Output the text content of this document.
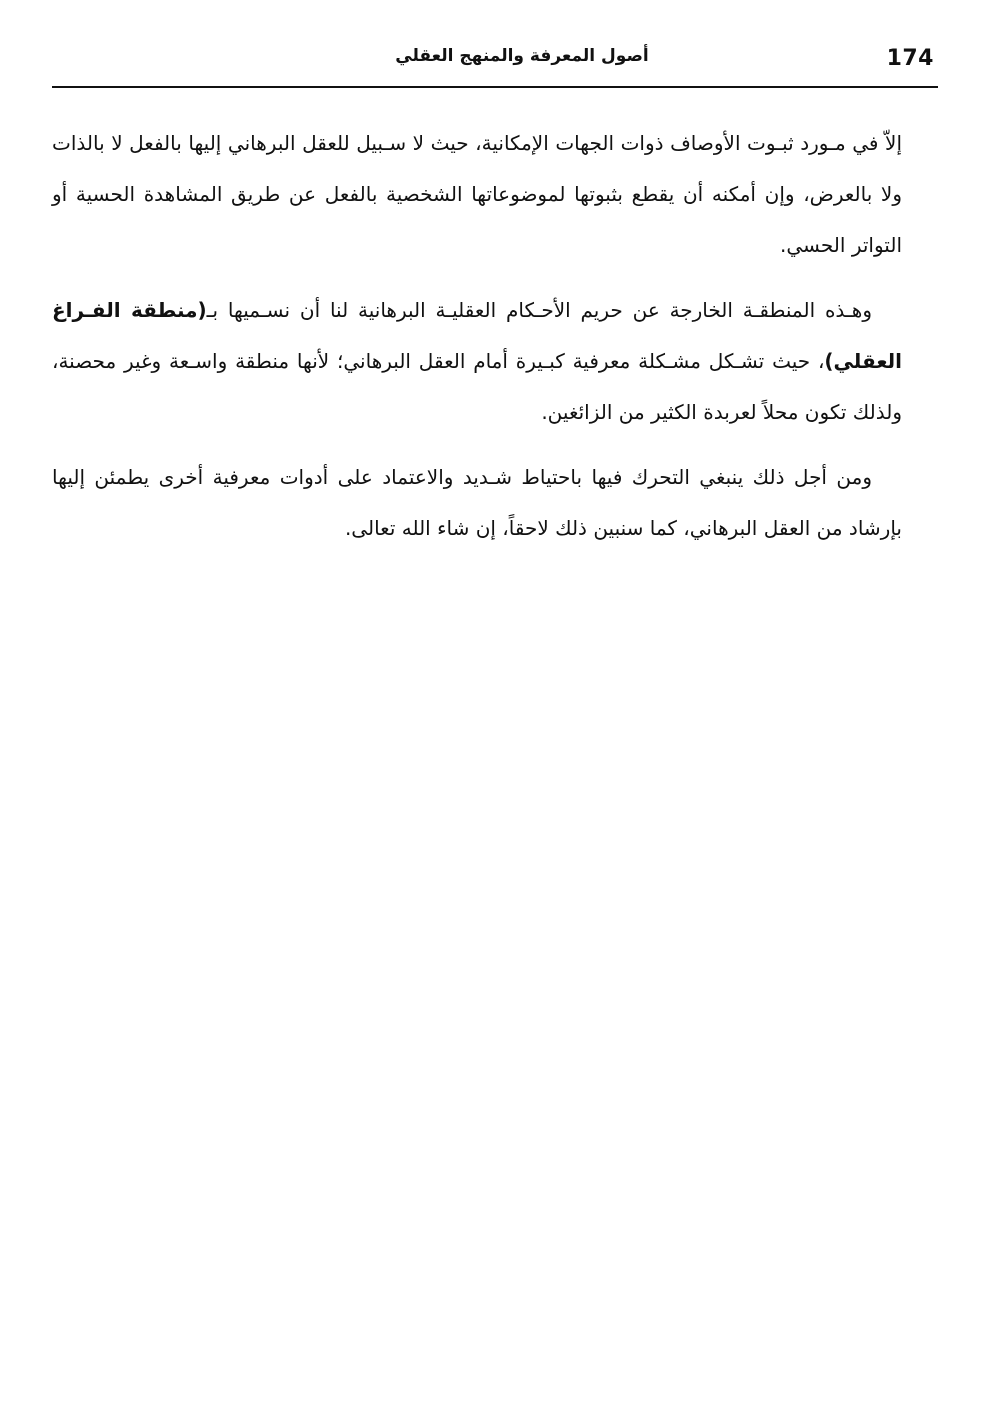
174
أصول المعرفة والمنهج العقلي

إلاّ في مـورد ثبـوت الأوصاف ذوات الجهات الإمكانية، حيث لا سـبيل للعقل البرهاني إليها بالفعل لا بالذات ولا بالعرض، وإن أمكنه أن يقطع بثبوتها لموضوعاتها الشخصية بالفعل عن طريق المشاهدة الحسية أو التواتر الحسي.

وهـذه المنطقـة الخارجة عن حريم الأحـكام العقليـة البرهانية لنا أن نسـميها بـ(منطقة الفـراغ العقلي)، حيث تشـكل مشـكلة معرفية كبـيرة أمام العقل البرهاني؛ لأنها منطقة واسـعة وغير محصنة، ولذلك تكون محلاً لعربدة الكثير من الزائغين.

ومن أجل ذلك ينبغي التحرك فيها باحتياط شـديد والاعتماد على أدوات معرفية أخرى يطمئن إليها بإرشاد من العقل البرهاني، كما سنبين ذلك لاحقاً، إن شاء الله تعالى.
